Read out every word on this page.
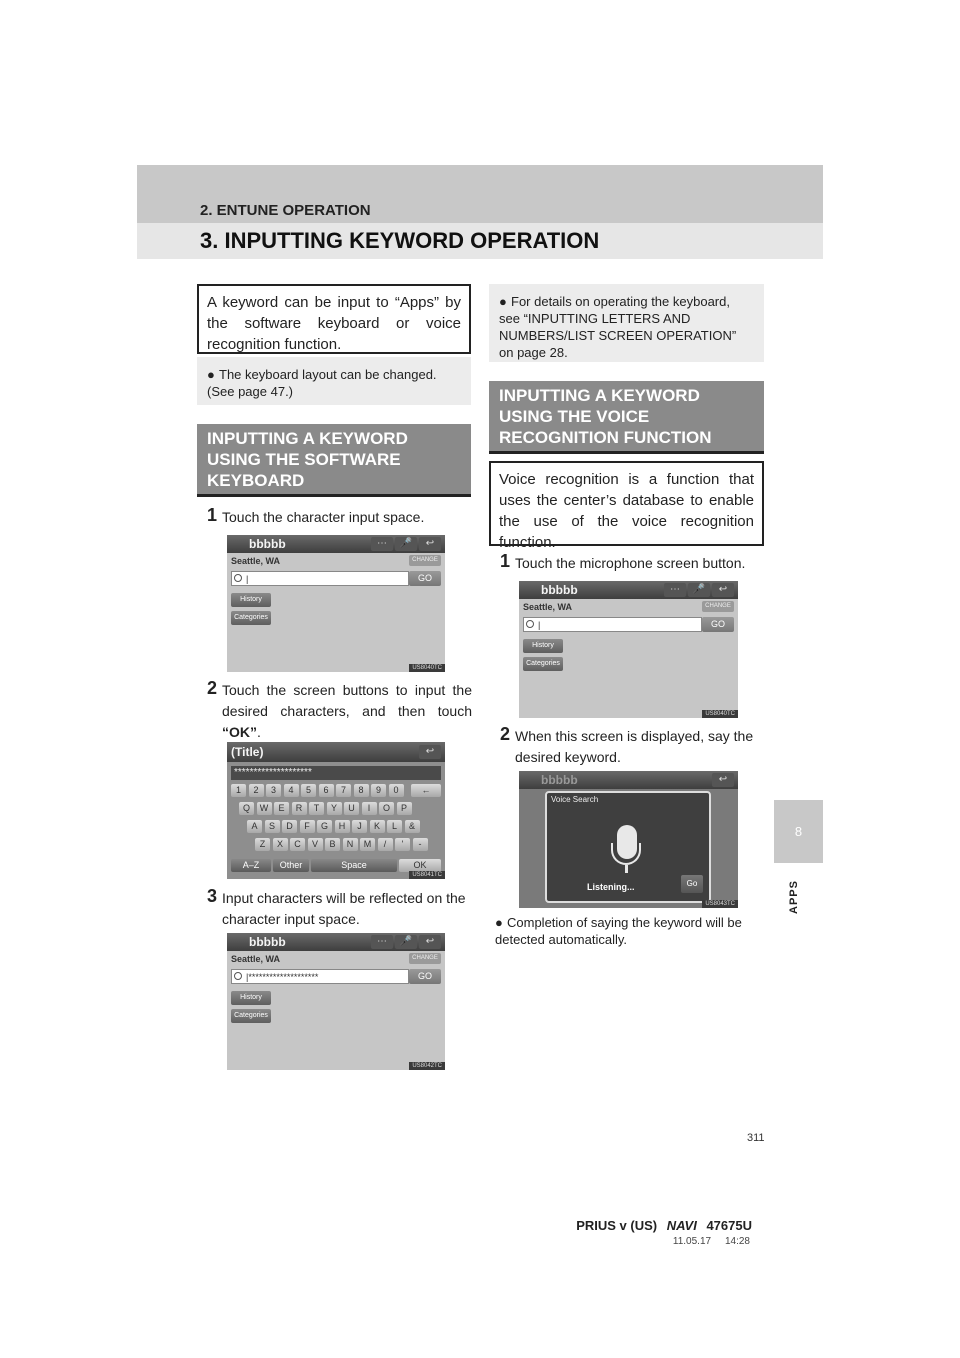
2. ENTUNE OPERATION
3. INPUTTING KEYWORD OPERATION
8
APPS
A keyword can be input to “Apps” by the software keyboard or voice recognition function.
● The keyboard layout can be changed. (See page 47.)
INPUTTING A KEYWORD USING THE SOFTWARE KEYBOARD
1 Touch the character input space.
bbbbb	⋯	🎤	↩
Seattle, WA	CHANGE
|	GO
History
Categories
US8040TC
2 Touch the screen buttons to input the desired characters, and then touch “OK”.
(Title)	↩
********************
1	2	3	4	5	6	7	8	9	0
Q	W	E	R	T	Y	U	I	O	P
A	S	D	F	G	H	J	K	L	&
Z	X	C	V	B	N	M	/	'	-
←
A–Z	Other	Space	OK
US8041TC
3 Input characters will be reflected on the character input space.
bbbbb	⋯	🎤	↩
Seattle, WA	CHANGE
|********************	GO
History
Categories
US8042TC
● For details on operating the keyboard, see “INPUTTING LETTERS AND NUMBERS/LIST SCREEN OPERATION” on page 28.
INPUTTING A KEYWORD USING THE VOICE RECOGNITION FUNCTION
Voice recognition is a function that uses the center’s database to enable the use of the voice recognition function.
1 Touch the microphone screen button.
bbbbb	⋯	🎤	↩
Seattle, WA	CHANGE
|	GO
History
Categories
US8040TC
2 When this screen is displayed, say the desired keyword.
bbbbb	↩
Voice Search
Listening...	Go
US8043TC
● Completion of saying the keyword will be detected automatically.
311
PRIUS v (US) NAVI 47675U
11.05.17     14:28
